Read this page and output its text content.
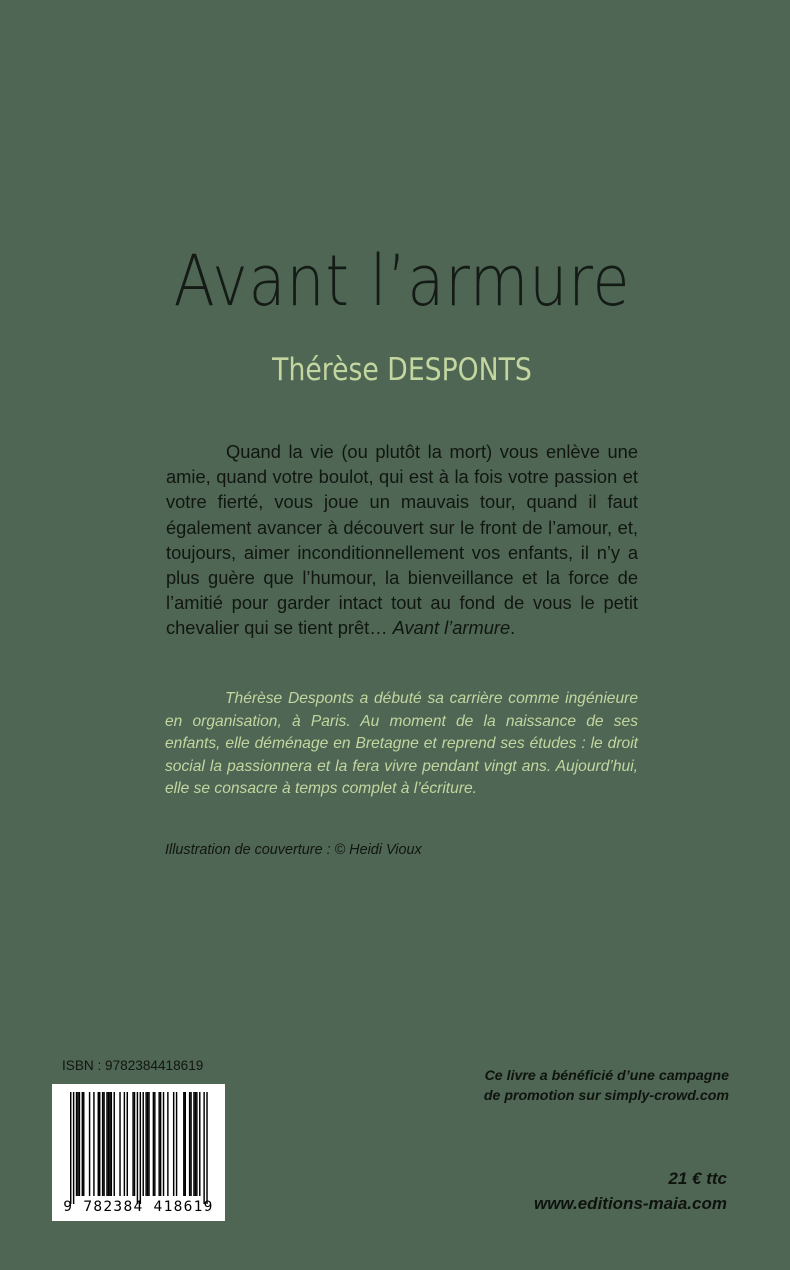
Avant l’armure
Thérèse DESPONTS

Quand la vie (ou plutôt la mort) vous enlève une amie, quand votre boulot, qui est à la fois votre passion et votre fierté, vous joue un mauvais tour, quand il faut également avancer à découvert sur le front de l’amour, et, toujours, aimer inconditionnellement vos enfants, il n’y a plus guère que l’humour, la bienveillance et la force de l’amitié pour garder intact tout au fond de vous le petit chevalier qui se tient prêt… Avant l’armure.

Thérèse Desponts a débuté sa carrière comme ingénieure en organisation, à Paris. Au moment de la naissance de ses enfants, elle déménage en Bretagne et reprend ses études : le droit social la passionnera et la fera vivre pendant vingt ans. Aujourd’hui, elle se consacre à temps complet à l’écriture.

Illustration de couverture : © Heidi Vioux
ISBN : 9782384418619
9 782384 418619
Ce livre a bénéficié d’une campagne
de promotion sur simply-crowd.com
21 € ttc
www.editions-maia.com
